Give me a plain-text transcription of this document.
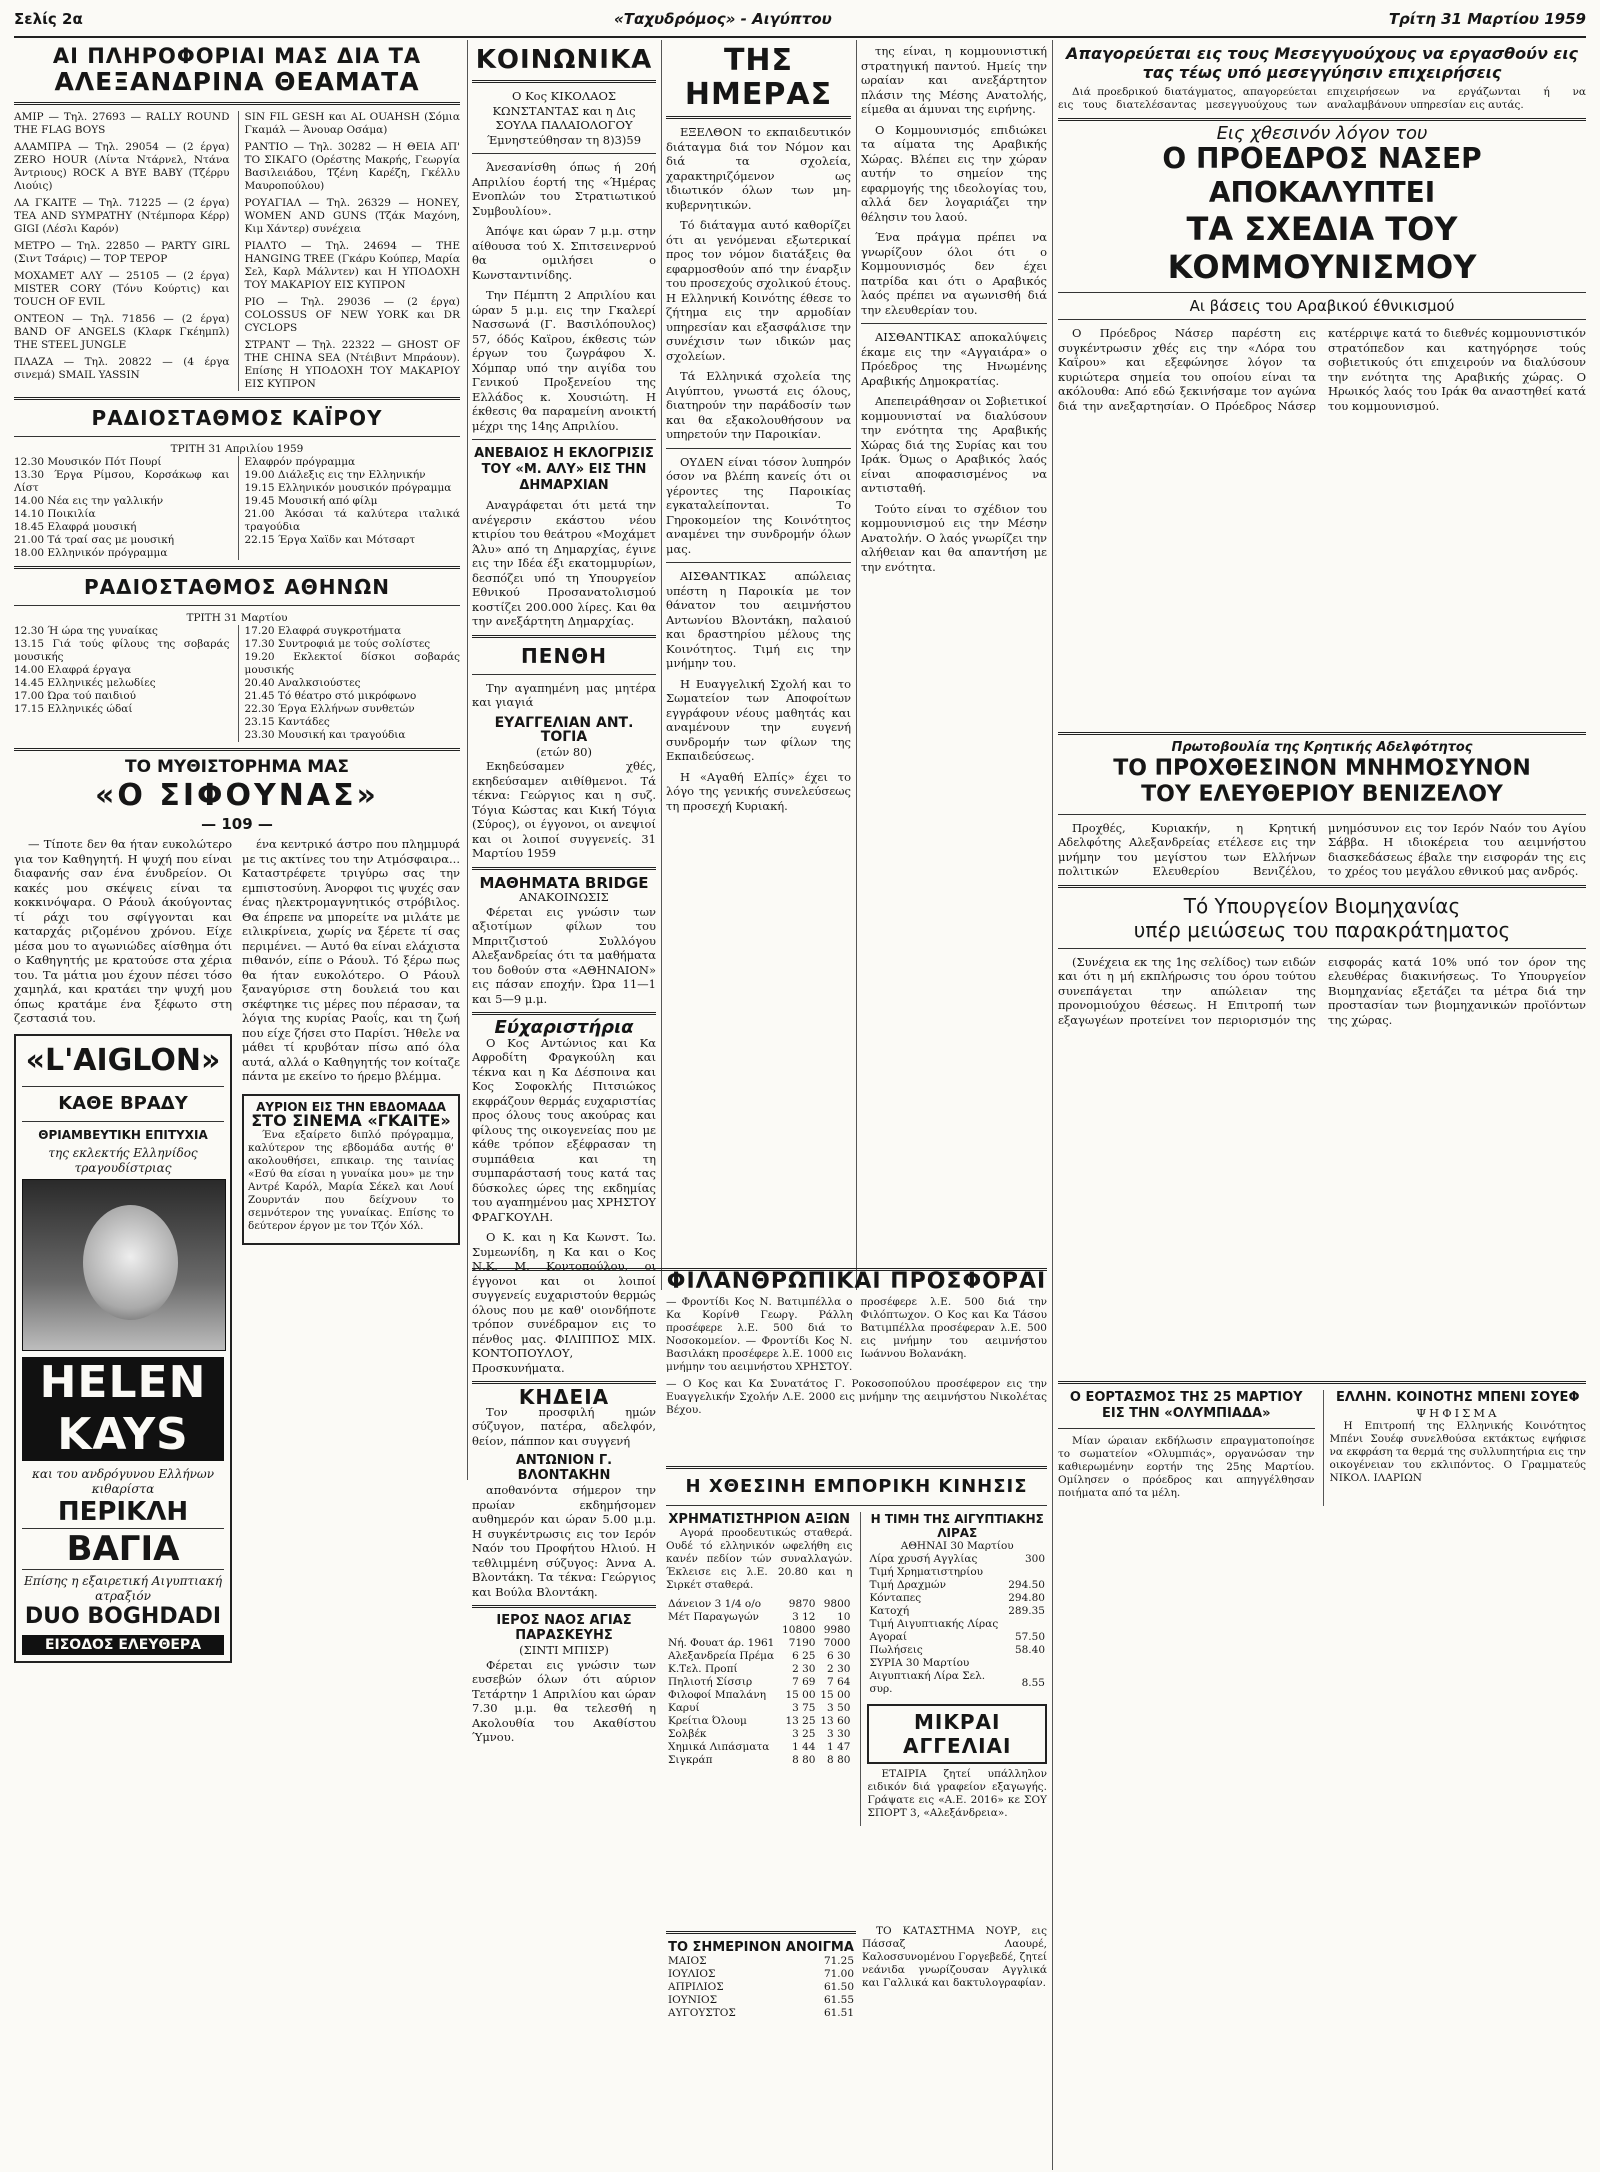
Σελίς 2α	«Ταχυδρόμος» - Αιγύπτου	Τρίτη 31 Μαρτίου 1959
ΑΙ ΠΛΗΡΟΦΟΡΙΑΙ ΜΑΣ ΔΙΑ ΤΑ
ΑΛΕΞΑΝΔΡΙΝΑ ΘΕΑΜΑΤΑ
ΑΜΙΡ — Τηλ. 27693 — RALLY ROUND THE FLAG BOYS
ΑΛΑΜΠΡΑ — Τηλ. 29054 — (2 έργα) ZERO HOUR (Λίντα Ντάρνελ, Ντάνα Άντριους) ROCK A BYE BABY (Τζέρρυ Λιούις)
ΛΑ ΓΚΑΙΤΕ — Τηλ. 71225 — (2 έργα) TEA AND SYMPATHY (Ντέμπορα Κέρρ) GIGI (Λέσλι Καρόν)
ΜΕΤΡΟ — Τηλ. 22850 — PARTY GIRL (Σιντ Τσάρις) — TOP ΤΕΡΟΡ
ΜΟΧΑΜΕΤ ΑΛΥ — 25105 — (2 έργα) MISTER CORY (Τόνυ Κούρτις) και TOUCH OF EVIL
ΟΝΤΕΟΝ — Τηλ. 71856 — (2 έργα) BAND OF ANGELS (Κλαρκ Γκέημπλ) THE STEEL JUNGLE
ΠΛΑΖΑ — Τηλ. 20822 — (4 έργα σινεμά) SMAIL YASSIN
SIN FIL GESH και AL OUAHSH (Σόμια Γκαμάλ — Άνουαρ Οσάμα)
ΡΑΝΤΙΟ — Τηλ. 30282 — Η ΘΕΙΑ ΑΠ' ΤΟ ΣΙΚΑΓΟ (Ορέστης Μακρής, Γεωργία Βασιλειάδου, Τζένη Καρέζη, Γκέλλυ Μαυροπούλου)
ΡΟΥΑΓΙΑΛ — Τηλ. 26329 — HONEY, WOMEN AND GUNS (Τζάκ Μαχόνη, Κιμ Χάντερ) συνέχεια
ΡΙΑΛΤΟ — Τηλ. 24694 — THE HANGING TREE (Γκάρυ Κούπερ, Μαρία Σελ, Καρλ Μάλντεν) και Η ΥΠΟΔΟΧΗ ΤΟΥ ΜΑΚΑΡΙΟΥ ΕΙΣ ΚΥΠΡΟΝ
ΡΙΟ — Τηλ. 29036 — (2 έργα) COLOSSUS OF NEW YORK και DR CYCLOPS
ΣΤΡΑΝΤ — Τηλ. 22322 — GHOST OF THE CHINA SEA (Ντέιβιντ Μπράουν). Επίσης Η ΥΠΟΔΟΧΗ ΤΟΥ ΜΑΚΑΡΙΟΥ ΕΙΣ ΚΥΠΡΟΝ
ΡΑΔΙΟΣΤΑΘΜΟΣ ΚΑΪΡΟΥ
ΤΡΙΤΗ 31 Απριλίου 1959
12.30 Μουσικόν Πότ Πουρί
13.30 Έργα Ρίμσου, Κορσάκωφ και Λίστ
14.00 Νέα εις την γαλλικήν
14.10 Ποικιλία
18.45 Ελαφρά μουσική
21.00 Τά τραί σας με μουσική
18.00 Ελληνικόν πρόγραμμα
Ελαφρόν πρόγραμμα
19.00 Διάλεξις εις την Ελληνικήν
19.15 Ελληνικόν μουσικόν πρόγραμμα
19.45 Μουσική από φίλμ
21.00 Άκόσαι τά καλύτερα ιταλικά τραγούδια
22.15 Έργα Χαϊδν και Μότσαρτ
ΡΑΔΙΟΣΤΑΘΜΟΣ ΑΘΗΝΩΝ
ΤΡΙΤΗ 31 Μαρτίου
12.30 Ή ώρα της γυναίκας
13.15 Γιά τούς φίλους της σοβαράς μουσικής
14.00 Ελαφρά έργαγα
14.45 Ελληνικές μελωδίες
17.00 Ώρα τού παιδιού
17.15 Ελληνικές ώδαί
17.20 Ελαφρά συγκροτήματα
17.30 Συντροφιά με τούς σολίστες
19.20 Εκλεκτοί δίσκοι σοβαράς μουσικής
20.40 Αναλκσιούστες
21.45 Τό θέατρο στό μικρόφωνο
22.30 Έργα Ελλήνων συνθετών
23.15 Καντάδες
23.30 Μουσική και τραγούδια
ΤΟ ΜΥΘΙΣΤΟΡΗΜΑ ΜΑΣ
«Ο ΣΙΦΟΥΝΑΣ»
— 109 —

— Τίποτε δεν θα ήταν ευκολώτερο για τον Καθηγητή. Η ψυχή που είναι διαφανής σαν ένα ένυδρείον. Οι κακές μου σκέψεις είναι τα κοκκινόψαρα. Ο Ράουλ άκούγοντας τί ράχι του σφίγγονται και καταρχάς ριζομένου χρόνου. Είχε μέσα μου το αγωνιώδες αίσθημα ότι ο Καθηγητής με κρατούσε στα χέρια του. Τα μάτια μου έχουν πέσει τόσο χαμηλά, και κρατάει την ψυχή μου όπως κρατάμε ένα ξέφωτο στη ζεστασιά του.

«L'AIGLON»
ΚΑΘΕ ΒΡΑΔΥ
ΘΡΙΑΜΒΕΥΤΙΚΗ ΕΠΙΤΥΧΙΑ
της εκλεκτής Ελληνίδος τραγουδίστριας
HELEN KAYS
και του ανδρόγυνου Ελλήνων κιθαρίστα
ΠΕΡΙΚΛΗ
ΒΑΓΙΑ
Επίσης η εξαιρετική Αιγυπτιακή ατραξιόν
DUO BOGHDADI
ΕΙΣΟΔΟΣ ΕΛΕΥΘΕΡΑ

ένα κεντρικό άστρο που πλημμυρά με τις ακτίνες του την Ατμόσφαιρα... Καταστρέφετε τριγύρω σας την εμπιστοσύνη. Άνορφοι τις ψυχές σαν ένας ηλεκτρομαγνητικός στρόβιλος. Θα έπρεπε να μπορείτε να μιλάτε με ειλικρίνεια, χωρίς να ξέρετε τί σας περιμένει. — Αυτό θα είναι ελάχιστα πιθανόν, είπε ο Ράουλ. Τό ξέρω πως θα ήταν ευκολότερο. Ο Ράουλ ξαναγύρισε στη δουλειά του και σκέφτηκε τις μέρες που πέρασαν, τα λόγια της κυρίας Ραοΐς, και τη ζωή που είχε ζήσει στο Παρίσι. Ήθελε να μάθει τί κρυβόταν πίσω από όλα αυτά, αλλά ο Καθηγητής τον κοίταζε πάντα με εκείνο το ήρεμο βλέμμα.

ΑΥΡΙΟΝ ΕΙΣ ΤΗΝ ΕΒΔΟΜΑΔΑ
ΣΤΟ ΣΙΝΕΜΑ «ΓΚΑΙΤΕ»

Ένα εξαίρετο διπλό πρόγραμμα, καλύτερον της εβδομάδα αυτής θ' ακολουθήσει, επικαιρ. της ταινίας «Εσύ θα είσαι η γυναίκα μου» με την Αντρέ Καρόλ, Μαρία Σέκελ και Λουί Ζουρντάν που δείχνουν το σεμνότερον της γυναίκας. Επίσης το δεύτερον έργον με τον Τζόν Χόλ.

ΚΟΙΝΩΝΙΚΑ

Ο Κος ΚΙΚΟΛΑΟΣ ΚΩΝΣΤΑΝΤΑΣ και η Δις ΣΟΥΛΑ ΠΑΛΑΙΟΛΟΓΟΥ Έμνηστεύθησαν τη 8)3)59

Άνεσανίσθη όπως ή 20ή Απριλίου έορτή της «Ήμέρας Ενοπλών του Στρατιωτικού Συμβουλίου».

Άπόψε και ώραν 7 μ.μ. στην αίθουσα τού Χ. Σπιτσεινερνού θα ομιλήσει ο Κωνσταντινίδης.

Την Πέμπτη 2 Απριλίου και ώραν 5 μ.μ. εις την Γκαλερί Νασσωνά (Γ. Βασιλόπουλος) 57, όδός Καϊρου, έκθεσις τών έργων του ζωγράφου Χ. Χόμπαρ υπό την αιγίδα του Γενικού Προξενείου της Ελλάδος κ. Χουσιώτη. Η έκθεσις θα παραμείνη ανοικτή μέχρι της 14ης Απριλίου.

ΑΝΕΒΑΙΟΣ Η ΕΚΛΟΓΡΙΣΙΣ ΤΟΥ «Μ. ΑΛΥ» ΕΙΣ ΤΗΝ ΔΗΜΑΡΧΙΑΝ

Αναγράφεται ότι μετά την ανέγερσιν εκάστου νέου κτιρίου του θεάτρου «Μοχάμετ Άλυ» από τη Δημαρχίας, έγινε εις την Ιδέα έξι εκατομμυρίων, δεσπόζει υπό τη Υπουργείον Εθνικού Προσανατολισμού κοστίζει 200.000 λίρες. Και θα την ανεξάρτητη Δημαρχίας.

ΠΕΝΘΗ

Την αγαπημένη μας μητέρα και γιαγιά

ΕΥΑΓΓΕΛΙΑΝ ΑΝΤ. ΤΟΓΙΑ
(ετών 80)

Εκηδεύσαμεν χθές, εκηδεύσαμεν αιθίθμενοι. Τά τέκνα: Γεώργιος και η συζ. Τόγια Κώστας και Κική Τόγια (Σύρος), οι έγγονοι, οι ανεψιοί και οι λοιποί συγγενείς. 31 Μαρτίου 1959

ΜΑΘΗΜΑΤΑ BRIDGE
ΑΝΑΚΟΙΝΩΣΙΣ

Φέρεται εις γνώσιν των αξιοτίμων φίλων του Μπριτζιστού Συλλόγου Αλεξανδρείας ότι τα μαθήματα του δοθούν στα «ΑΘΗΝΑΙΟΝ» εις πάσαν εποχήν. Ώρα 11—1 και 5—9 μ.μ.

Εύχαριστήρια

Ο Κος Αντώνιος και Κα Αφροδίτη Φραγκούλη και τέκνα και η Κα Δέσποινα και Κος Σοφοκλής Πιτσιώκος εκφράζουν θερμάς ευχαριστίας προς όλους τους ακούρας και φίλους της οικογενείας που με κάθε τρόπον εξέφρασαν τη συμπάθεια και τη συμπαράστασή τους κατά τας δύσκολες ώρες της εκδημίας του αγαπημένου μας ΧΡΗΣΤΟΥ ΦΡΑΓΚΟΥΛΗ.

Ο Κ. και η Κα Κωνστ. Ίω. Συμεωνίδη, η Κα και ο Κος Ν.Κ. Μ. Κοντοπούλου, οι έγγονοι και οι λοιποί συγγενείς ευχαριστούν θερμώς όλους που με καθ' οιονδήποτε τρόπον συνέδραμον εις το πένθος μας. ΦΙΛΙΠΠΟΣ ΜΙΧ. ΚΟΝΤΟΠΟΥΛΟΥ, Προσκυνήματα.

ΚΗΔΕΙΑ

Τον προσφιλή ημών σύζυγον, πατέρα, αδελφόν, θείον, πάππον και συγγενή

ΑΝΤΩΝΙΟΝ Γ. ΒΛΟΝΤΑΚΗΝ

αποθανόντα σήμερον την πρωίαν εκδημήσομεν αυθημερόν και ώραν 5.00 μ.μ. Η συγκέντρωσις εις τον Ιερόν Ναόν του Προφήτου Ηλιού. Η τεθλιμμένη σύζυγος: Άννα Α. Βλοντάκη. Τα τέκνα: Γεώργιος και Βούλα Βλοντάκη.

ΙΕΡΟΣ ΝΑΟΣ ΑΓΙΑΣ ΠΑΡΑΣΚΕΥΗΣ
(ΣΙΝΤΙ ΜΠΙΣΡ)

Φέρεται εις γνώσιν των ευσεβών όλων ότι αύριον Τετάρτην 1 Απριλίου και ώραν 7.30 μ.μ. θα τελεσθή η Ακολουθία του Ακαθίστου Ύμνου.

ΤΗΣ ΗΜΕΡΑΣ

ΕΞΕΛΘΟΝ το εκπαιδευτικόν διάταγμα διά τον Νόμον και διά τα σχολεία, χαρακτηριζόμενον ως ιδιωτικόν όλων των μη-κυβερνητικών.

Τό διάταγμα αυτό καθορίζει ότι αι γενόμεναι εξωτερικαί προς τον νόμον διατάξεις θα εφαρμοσθούν από την έναρξιν του προσεχούς σχολικού έτους. Η Ελληνική Κοινότης έθεσε το ζήτημα εις την αρμοδίαν υπηρεσίαν και εξασφάλισε την συνέχισιν των ιδικών μας σχολείων.

Τά Ελληνικά σχολεία της Αιγύπτου, γνωστά εις όλους, διατηρούν την παράδοσίν των και θα εξακολουθήσουν να υπηρετούν την Παροικίαν.

ΟΥΔΕΝ είναι τόσον λυπηρόν όσον να βλέπη κανείς ότι οι γέροντες της Παροικίας εγκαταλείπονται. Το Γηροκομείον της Κοινότητος αναμένει την συνδρομήν όλων μας.

ΑΙΣΘΑΝΤΙΚΑΣ απώλειας υπέστη η Παροικία με τον θάνατον του αειμνήστου Αντωνίου Βλοντάκη, παλαιού και δραστηρίου μέλους της Κοινότητος. Τιμή εις την μνήμην του.

Η Ευαγγελική Σχολή και το Σωματείον των Αποφοίτων εγγράφουν νέους μαθητάς και αναμένουν την ευγενή συνδρομήν των φίλων της Εκπαιδεύσεως.

Η «Αγαθή Ελπίς» έχει το λόγο της γενικής συνελεύσεως τη προσεχή Κυριακή.

της είναι, η κομμουνιστική στρατηγική παντού. Ημείς την ωραίαν και ανεξάρτητον πλάσιν της Μέσης Ανατολής, είμεθα αι άμυναι της ειρήνης.

Ο Κομμουνισμός επιδιώκει τα αίματα της Αραβικής Χώρας. Βλέπει εις την χώραν αυτήν το σημείον της εφαρμογής της ιδεολογίας του, αλλά δεν λογαριάζει την θέλησιν του λαού.

Ένα πράγμα πρέπει να γνωρίζουν όλοι ότι ο Κομμουνισμός δεν έχει πατρίδα και ότι ο Αραβικός λαός πρέπει να αγωνισθή διά την ελευθερίαν του.

ΑΙΣΘΑΝΤΙΚΑΣ αποκαλύψεις έκαμε εις την «Αγγαιάρα» ο Πρόεδρος της Ηνωμένης Αραβικής Δημοκρατίας.

Απεπειράθησαν οι Σοβιετικοί κομμουνισταί να διαλύσουν την ενότητα της Αραβικής Χώρας διά της Συρίας και του Ιράκ. Όμως ο Αραβικός λαός είναι αποφασισμένος να αντισταθή.

Τούτο είναι το σχέδιον του κομμουνισμού εις την Μέσην Ανατολήν. Ο λαός γνωρίζει την αλήθειαν και θα απαντήση με την ενότητα.

ΦΙΛΑΝΘΡΩΠΙΚΑΙ ΠΡΟΣΦΟΡΑΙ
— Φροντίδι Κος Ν. Βατιμπέλλα ο Κα Κορίνθ Γεωργ. Ράλλη προσέφερε λ.Ε. 500 διά το Νοσοκομείον. — Φροντίδι Κος Ν. Βασιλάκη προσέφερε λ.Ε. 1000 εις μνήμην του αειμνήστου ΧΡΗΣΤΟΥ.
προσέφερε λ.Ε. 500 διά την Φιλόπτωχον. Ο Κος και Κα Τάσου Βατιμπέλλα προσέφεραν λ.Ε. 500 εις μνήμην του αειμνήστου Ιωάννου Βολανάκη.
— Ο Κος και Κα Συνατάτος Γ. Ροκοσοπούλου προσέφερον εις την Ευαγγελικήν Σχολήν Λ.Ε. 2000 εις μνήμην της αειμνήστου Νικολέτας Βέχου.
Η ΧΘΕΣΙΝΗ ΕΜΠΟΡΙΚΗ ΚΙΝΗΣΙΣ
ΧΡΗΜΑΤΙΣΤΗΡΙΟΝ ΑΞΙΩΝ

Αγορά προοδευτικώς σταθερά. Ουδέ τό ελληνικόν ωφελήθη εις κανέν πεδίον τών συναλλαγών. Έκλεισε εις λ.Ε. 20.80 και η Σιρκέτ σταθερά.

Δάνειον 3 1/4 ο/ο	9870	9800
Μέτ Παραγωγών	3 12	10
	10800	9980
Νή. Φουατ άρ. 1961	7190	7000
Αλεξανδρεία Πρέμα	6 25	6 30
Κ.Τελ. Προπί	2 30	2 30
Πηλιοτή Σίσσιρ	7 69	7 64
Φιλοφοί Μπαλάνη	15 00	15 00
Καρυί	3 75	3 50
Κρείτια Όλουμ	13 25	13 60
Σολβέκ	3 25	3 30
Χημικά Λιπάσματα	1 44	1 47
Σιγκράπ	8 80	8 80
Η ΤΙΜΗ ΤΗΣ ΑΙΓΥΠΤΙΑΚΗΣ ΛΙΡΑΣ
ΑΘΗΝΑΙ 30 Μαρτίου
Λίρα χρυσή Αγγλίας	300
Τιμή Χρηματιστηρίου	
Τιμή Δραχμών	294.50
Κόνταπες	294.80
Κατοχή	289.35
Τιμή Αιγυπτιακής Λίρας	
Αγοραί	57.50
Πωλήσεις	58.40
ΣΥΡΙΑ 30 Μαρτίου	
Αιγυπτιακή Λίρα Σελ. συρ.	8.55
ΜΙΚΡΑΙ
ΑΓΓΕΛΙΑΙ

ΕΤΑΙΡΙΑ ζητεί υπάλληλον ειδικόν διά γραφείον εξαγωγής. Γράψατε εις «Α.Ε. 2016» κε ΣΟΥ ΣΠΟΡΤ 3, «Αλεξάνδρεια».

ΤΟ ΣΗΜΕΡΙΝΟΝ ΑΝΟΙΓΜΑ
ΜΑΙΟΣ	71.25
ΙΟΥΛΙΟΣ	71.00
ΑΠΡΙΛΙΟΣ	61.50
ΙΟΥΝΙΟΣ	61.55
ΑΥΓΟΥΣΤΟΣ	61.51

ΤΟ ΚΑΤΑΣΤΗΜΑ ΝΟΥΡ, εις Πάσσαζ Λαουρέ, Καλοσσυνομένου Γοργεβεδέ, ζητεί νεάνιδα γνωρίζουσαν Αγγλικά και Γαλλικά και δακτυλογραφίαν.

Απαγορεύεται εις τους Μεσεγγυούχους να εργασθούν εις τας τέως υπό μεσεγγύησιν επιχειρήσεις

Διά προεδρικού διατάγματος, απαγορεύεται εις τους διατελέσαντας μεσεγγυούχους των επιχειρήσεων να εργάζωνται ή να αναλαμβάνουν υπηρεσίαν εις αυτάς.

Εις χθεσινόν λόγον του
Ο ΠΡΟΕΔΡΟΣ ΝΑΣΕΡ ΑΠΟΚΑΛΥΠΤΕΙ
ΤΑ ΣΧΕΔΙΑ ΤΟΥ ΚΟΜΜΟΥΝΙΣΜΟΥ
Αι βάσεις του Αραβικού έθνικισμού

Ο Πρόεδρος Νάσερ παρέστη εις συγκέντρωσιν χθές εις την «Λόρα του Καΐρου» και εξεφώνησε λόγον τα κυριώτερα σημεία του οποίου είναι τα ακόλουθα: Από εδώ ξεκινήσαμε τον αγώνα διά την ανεξαρτησίαν. Ο Πρόεδρος Νάσερ κατέρριψε κατά το διεθνές κομμουνιστικόν στρατόπεδον και κατηγόρησε τούς σοβιετικούς ότι επιχειρούν να διαλύσουν την ενότητα της Αραβικής χώρας. Ο Ηρωικός λαός του Ιράκ θα αναστηθεί κατά του κομμουνισμού.

Πρωτοβουλία της Κρητικής Αδελφότητος
ΤΟ ΠΡΟΧΘΕΣΙΝΟΝ ΜΝΗΜΟΣΥΝΟΝ
ΤΟΥ ΕΛΕΥΘΕΡΙΟΥ ΒΕΝΙΖΕΛΟΥ

Προχθές, Κυριακήν, η Κρητική Αδελφότης Αλεξανδρείας ετέλεσε εις την μνήμην του μεγίστου των Ελλήνων πολιτικών Ελευθερίου Βενιζέλου, μνημόσυνον εις τον Ιερόν Ναόν του Αγίου Σάββα. Η ιδιοκέρεια του αειμνήστου διασκεδάσεως έβαλε την εισφοράν της εις το χρέος του μεγάλου εθνικού μας ανδρός.

Τό Υπουργείον Βιομηχανίας
υπέρ μειώσεως του παρακράτηματος

(Συνέχεια εκ της 1ης σελίδος) των ειδών και ότι η μή εκπλήρωσις του όρου τούτου συνεπάγεται την απώλειαν της προνομιούχου θέσεως. Η Επιτροπή των εξαγωγέων προτείνει τον περιορισμόν της εισφοράς κατά 10% υπό τον όρον της ελευθέρας διακινήσεως. Το Υπουργείον Βιομηχανίας εξετάζει τα μέτρα διά την προστασίαν των βιομηχανικών προϊόντων της χώρας.

Ο ΕΟΡΤΑΣΜΟΣ ΤΗΣ 25 ΜΑΡΤΙΟΥ ΕΙΣ ΤΗΝ «ΟΛΥΜΠΙΑΔΑ»

Μίαν ώραιαν εκδήλωσιν επραγματοποίησε το σωματείον «Ολυμπιάς», οργανώσαν την καθιερωμένην εορτήν της 25ης Μαρτίου. Ομίλησεν ο πρόεδρος και απηγγέλθησαν ποιήματα από τα μέλη.

ΕΛΛΗΝ. ΚΟΙΝΟΤΗΣ ΜΠΕΝΙ ΣΟΥΕΦ
ΨΗΦΙΣΜΑ

Η Επιτροπή της Ελληνικής Κοινότητος Μπένι Σουέφ συνελθούσα εκτάκτως εψήφισε να εκφράση τα θερμά της συλλυπητήρια εις την οικογένειαν του εκλιπόντος. Ο Γραμματεύς ΝΙΚΟΛ. ΙΛΑΡΙΩΝ
